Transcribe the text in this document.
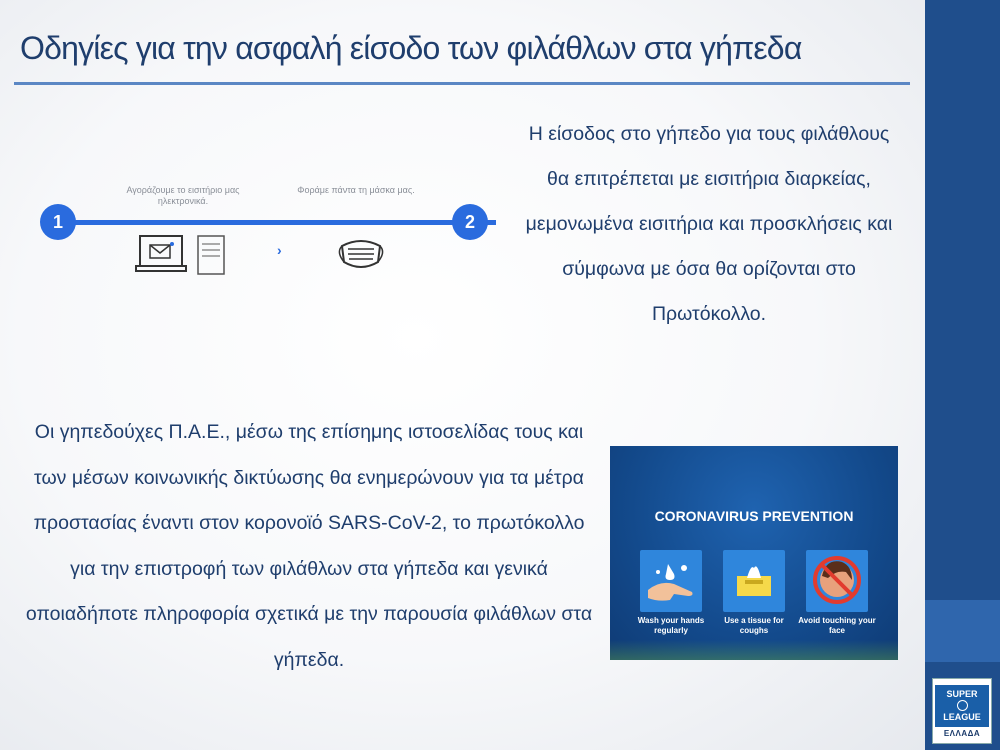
Οδηγίες για την ασφαλή είσοδο των φιλάθλων στα γήπεδα
1	2
Αγοράζουμε το εισιτήριο μας ηλεκτρονικά.
Φοράμε πάντα τη μάσκα μας.
›
Η είσοδος στο γήπεδο για τους φιλάθλους θα επιτρέπεται με εισιτήρια διαρκείας, μεμονωμένα εισιτήρια και προσκλήσεις και σύμφωνα με όσα θα ορίζονται στο Πρωτόκολλο.
Οι γηπεδούχες Π.Α.Ε., μέσω της επίσημης ιστοσελίδας τους και των μέσων κοινωνικής δικτύωσης θα ενημερώνουν για τα μέτρα προστασίας έναντι στον κορονοϊό SARS-CoV-2, το πρωτόκολλο για την επιστροφή των φιλάθλων στα γήπεδα και γενικά οποιαδήποτε πληροφορία σχετικά με την παρουσία φιλάθλων στα γήπεδα.
CORONAVIRUS PREVENTION
Wash your hands regularly
Use a tissue for coughs
Avoid touching your face
SUPER
LEAGUE
ΕΛΛΑΔΑ
